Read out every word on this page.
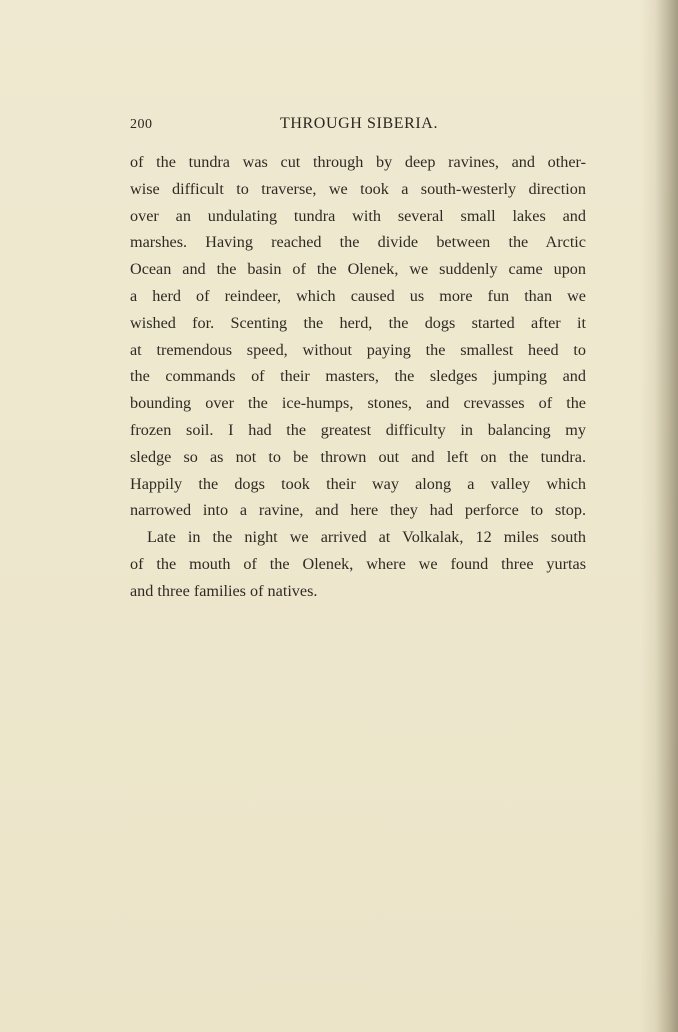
200	THROUGH SIBERIA.
of the tundra was cut through by deep ravines, and other-
wise difficult to traverse, we took a south-westerly direction
over an undulating tundra with several small lakes and
marshes. Having reached the divide between the Arctic
Ocean and the basin of the Olenek, we suddenly came upon
a herd of reindeer, which caused us more fun than we
wished for. Scenting the herd, the dogs started after it
at tremendous speed, without paying the smallest heed to
the commands of their masters, the sledges jumping and
bounding over the ice-humps, stones, and crevasses of the
frozen soil. I had the greatest difficulty in balancing my
sledge so as not to be thrown out and left on the tundra.
Happily the dogs took their way along a valley which
narrowed into a ravine, and here they had perforce to stop.
Late in the night we arrived at Volkalak, 12 miles south
of the mouth of the Olenek, where we found three yurtas
and three families of natives.
